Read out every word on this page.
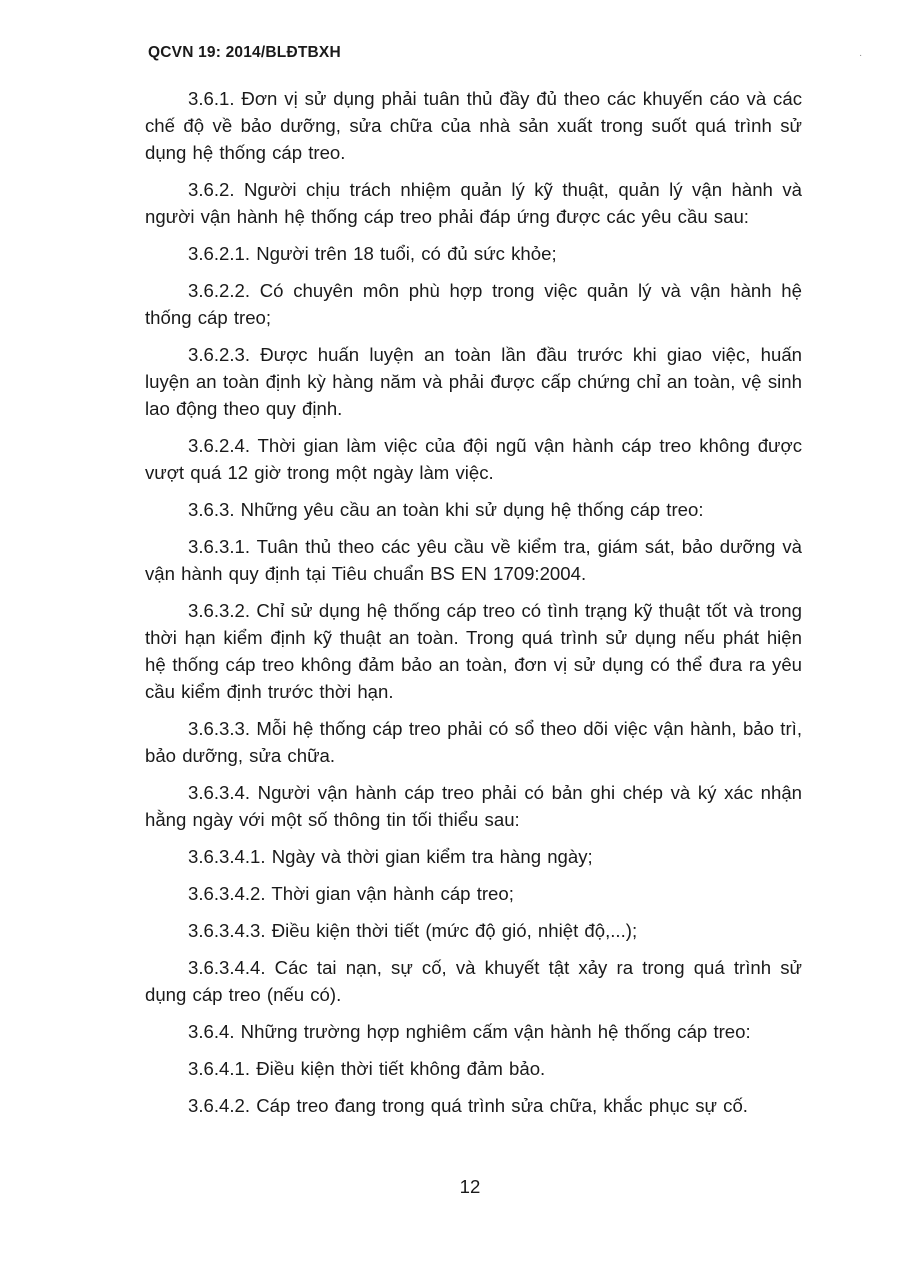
QCVN 19: 2014/BLĐTBXH	.

3.6.1. Đơn vị sử dụng phải tuân thủ đầy đủ theo các khuyến cáo và các chế độ về bảo dưỡng, sửa chữa của nhà sản xuất trong suốt quá trình sử dụng hệ thống cáp treo.

3.6.2. Người chịu trách nhiệm quản lý kỹ thuật, quản lý vận hành và người vận hành hệ thống cáp treo phải đáp ứng được các yêu cầu sau:

3.6.2.1. Người trên 18 tuổi, có đủ sức khỏe;

3.6.2.2. Có chuyên môn phù hợp trong việc quản lý và vận hành hệ thống cáp treo;

3.6.2.3. Được huấn luyện an toàn lần đầu trước khi giao việc, huấn luyện an toàn định kỳ hàng năm và phải được cấp chứng chỉ an toàn, vệ sinh lao động theo quy định.

3.6.2.4. Thời gian làm việc của đội ngũ vận hành cáp treo không được vượt quá 12 giờ trong một ngày làm việc.

3.6.3. Những yêu cầu an toàn khi sử dụng hệ thống cáp treo:

3.6.3.1. Tuân thủ theo các yêu cầu về kiểm tra, giám sát, bảo dưỡng và vận hành quy định tại Tiêu chuẩn BS EN 1709:2004.

3.6.3.2. Chỉ sử dụng hệ thống cáp treo có tình trạng kỹ thuật tốt và trong thời hạn kiểm định kỹ thuật an toàn. Trong quá trình sử dụng nếu phát hiện hệ thống cáp treo không đảm bảo an toàn, đơn vị sử dụng có thể đưa ra yêu cầu kiểm định trước thời hạn.

3.6.3.3. Mỗi hệ thống cáp treo phải có sổ theo dõi việc vận hành, bảo trì, bảo dưỡng, sửa chữa.

3.6.3.4. Người vận hành cáp treo phải có bản ghi chép và ký xác nhận hằng ngày với một số thông tin tối thiểu sau:

3.6.3.4.1. Ngày và thời gian kiểm tra hàng ngày;

3.6.3.4.2. Thời gian vận hành cáp treo;

3.6.3.4.3. Điều kiện thời tiết (mức độ gió, nhiệt độ,...);

3.6.3.4.4. Các tai nạn, sự cố, và khuyết tật xảy ra trong quá trình sử dụng cáp treo (nếu có).

3.6.4. Những trường hợp nghiêm cấm vận hành hệ thống cáp treo:

3.6.4.1. Điều kiện thời tiết không đảm bảo.

3.6.4.2. Cáp treo đang trong quá trình sửa chữa, khắc phục sự cố.

12
